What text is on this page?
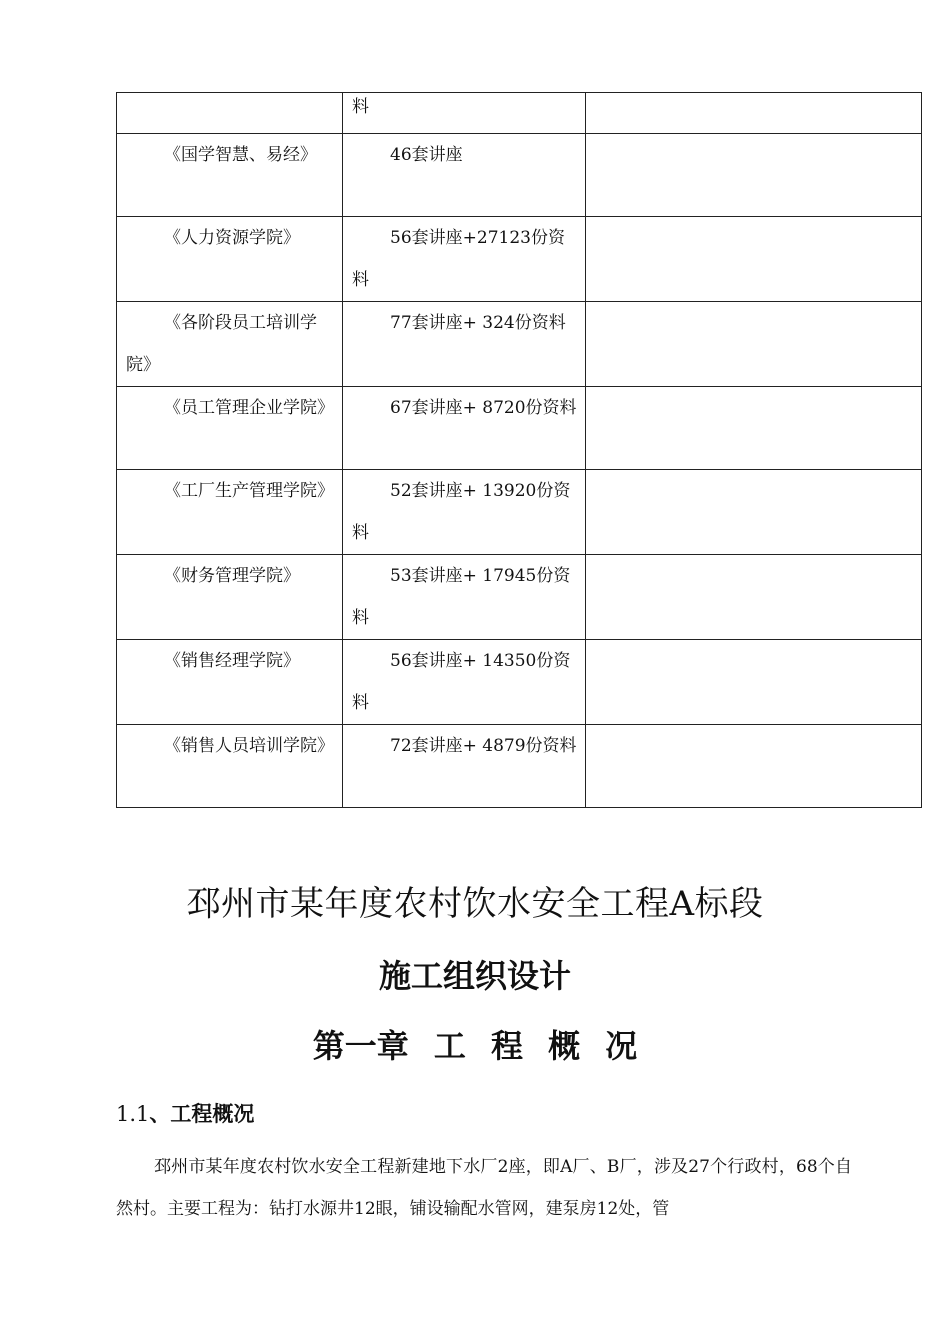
	料	
《国学智慧、易经》	46套讲座	
《人力资源学院》	56套讲座+27123份资料	
《各阶段员工培训学院》	77套讲座+ 324份资料	
《员工管理企业学院》	67套讲座+ 8720份资料	
《工厂生产管理学院》	52套讲座+ 13920份资料	
《财务管理学院》	53套讲座+ 17945份资料	
《销售经理学院》	56套讲座+ 14350份资料	
《销售人员培训学院》	72套讲座+ 4879份资料	
邳州市某年度农村饮水安全工程A标段
施工组织设计
第一章 工 程 概 况
1.1、工程概况

邳州市某年度农村饮水安全工程新建地下水厂2座，即A厂、B厂，涉及27个行政村，68个自然村。主要工程为：钻打水源井12眼，铺设输配水管网，建泵房12处，管
